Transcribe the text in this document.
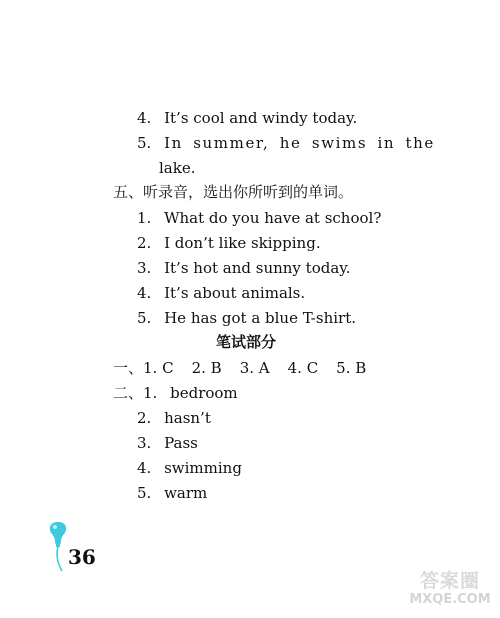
4. It’s cool and windy today.
5. In summer, he swims in the
lake.
五、听录音，选出你所听到的单词。
1. What do you have at school?
2. I don’t like skipping.
3. It’s hot and sunny today.
4. It’s about animals.
5. He has got a blue T-shirt.
笔试部分
一、1. C 2. B 3. A 4. C 5. B
二、1. bedroom
2. hasn’t
3. Pass
4. swimming
5. warm
36
答案圈
MXQE.COM
